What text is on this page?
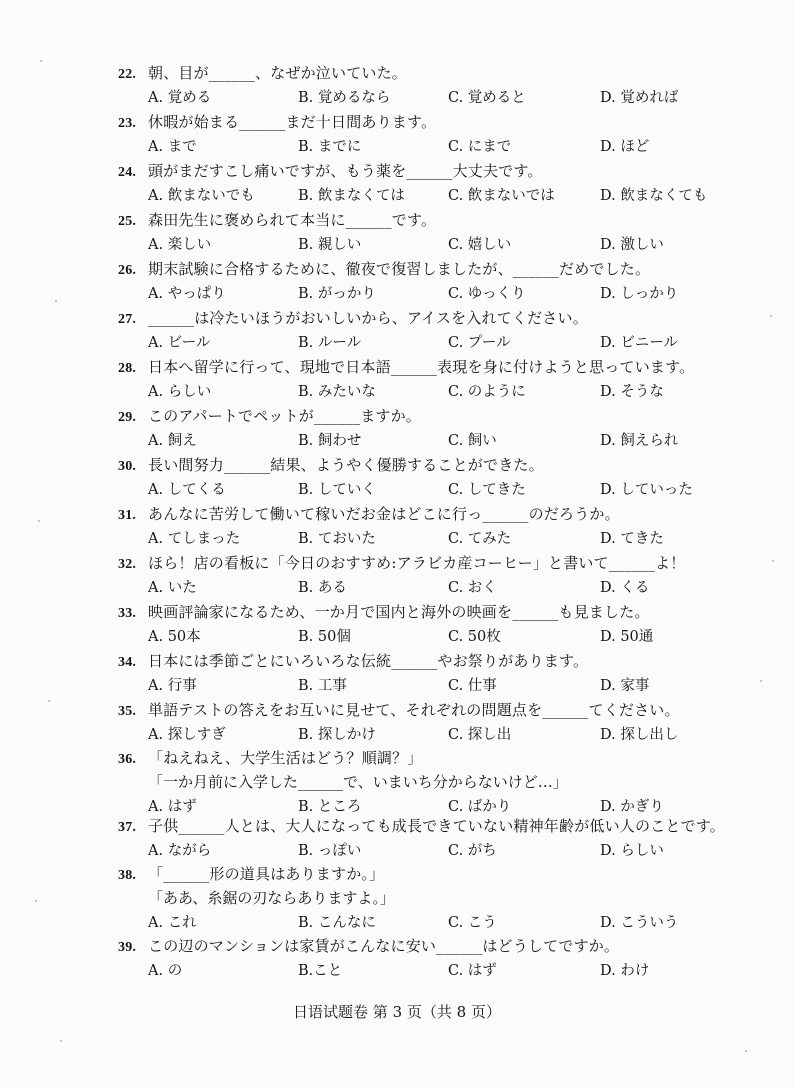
22. 朝、目が______、なぜか泣いていた。
A. 覚める	B. 覚めるなら	C. 覚めると	D. 覚めれば
23. 休暇が始まる______まだ十日間あります。
A. まで	B. までに	C. にまで	D. ほど
24. 頭がまだすこし痛いですが、もう薬を______大丈夫です。
A. 飲まないでも	B. 飲まなくては	C. 飲まないでは	D. 飲まなくても
25. 森田先生に褒められて本当に______です。
A. 楽しい	B. 親しい	C. 嬉しい	D. 激しい
26. 期末試験に合格するために、徹夜で復習しましたが、______だめでした。
A. やっぱり	B. がっかり	C. ゆっくり	D. しっかり
27. ______は冷たいほうがおいしいから、アイスを入れてください。
A. ビール	B. ルール	C. プール	D. ビニール
28. 日本へ留学に行って、現地で日本語______表現を身に付けようと思っています。
A. らしい	B. みたいな	C. のように	D. そうな
29. このアパートでペットが______ますか。
A. 飼え	B. 飼わせ	C. 飼い	D. 飼えられ
30. 長い間努力______結果、ようやく優勝することができた。
A. してくる	B. していく	C. してきた	D. していった
31. あんなに苦労して働いて稼いだお金はどこに行っ______のだろうか。
A. てしまった	B. ておいた	C. てみた	D. てきた
32. ほら！店の看板に「今日のおすすめ:アラビカ産コーヒー」と書いて______よ！
A. いた	B. ある	C. おく	D. くる
33. 映画評論家になるため、一か月で国内と海外の映画を______も見ました。
A. 50本	B. 50個	C. 50枚	D. 50通
34. 日本には季節ごとにいろいろな伝統______やお祭りがあります。
A. 行事	B. 工事	C. 仕事	D. 家事
35. 単語テストの答えをお互いに見せて、それぞれの問題点を______てください。
A. 探しすぎ	B. 探しかけ	C. 探し出	D. 探し出し
36. 「ねえねえ、大学生活はどう？順調？」
「一か月前に入学した______で、いまいち分からないけど…」
A. はず	B. ところ	C. ばかり	D. かぎり
37. 子供______人とは、大人になっても成長できていない精神年齢が低い人のことです。
A. ながら	B. っぽい	C. がち	D. らしい
38. 「______形の道具はありますか。」
「ああ、糸鋸の刃ならありますよ。」
A. これ	B. こんなに	C. こう	D. こういう
39. この辺のマンションは家賃がこんなに安い______はどうしてですか。
A. の	B.こと	C. はず	D. わけ
日语试题卷 第 3 页（共 8 页）
